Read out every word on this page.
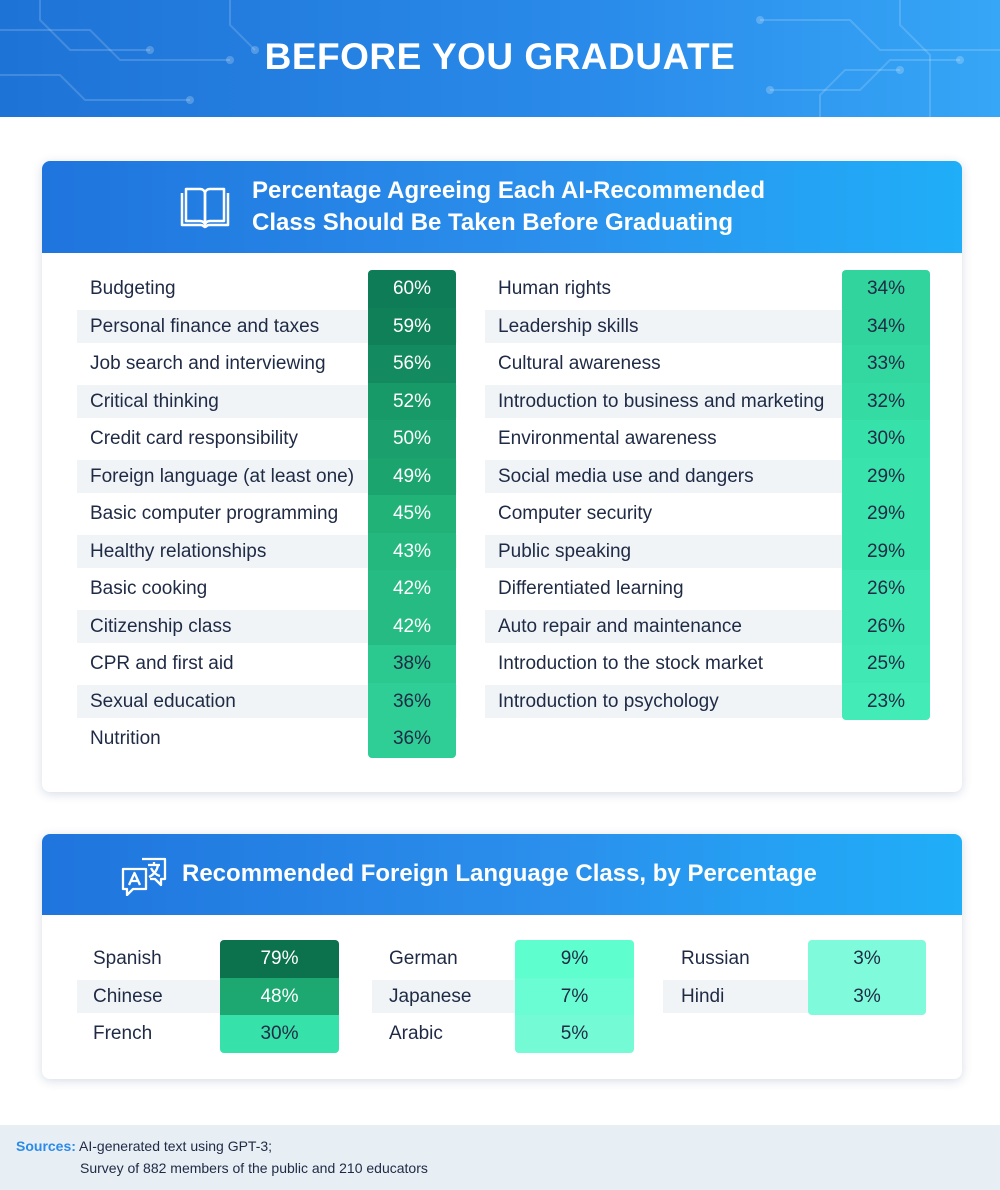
BEFORE YOU GRADUATE
Percentage Agreeing Each AI-Recommended
Class Should Be Taken Before Graduating
Budgeting	60%
Personal finance and taxes	59%
Job search and interviewing	56%
Critical thinking	52%
Credit card responsibility	50%
Foreign language (at least one)	49%
Basic computer programming	45%
Healthy relationships	43%
Basic cooking	42%
Citizenship class	42%
CPR and first aid	38%
Sexual education	36%
Nutrition	36%
Human rights	34%
Leadership skills	34%
Cultural awareness	33%
Introduction to business and marketing	32%
Environmental awareness	30%
Social media use and dangers	29%
Computer security	29%
Public speaking	29%
Differentiated learning	26%
Auto repair and maintenance	26%
Introduction to the stock market	25%
Introduction to psychology	23%
Recommended Foreign Language Class, by Percentage
Spanish	79%
Chinese	48%
French	30%
German	9%
Japanese	7%
Arabic	5%
Russian	3%
Hindi	3%
Sources: AI-generated text using GPT-3;
Survey of 882 members of the public and 210 educators
